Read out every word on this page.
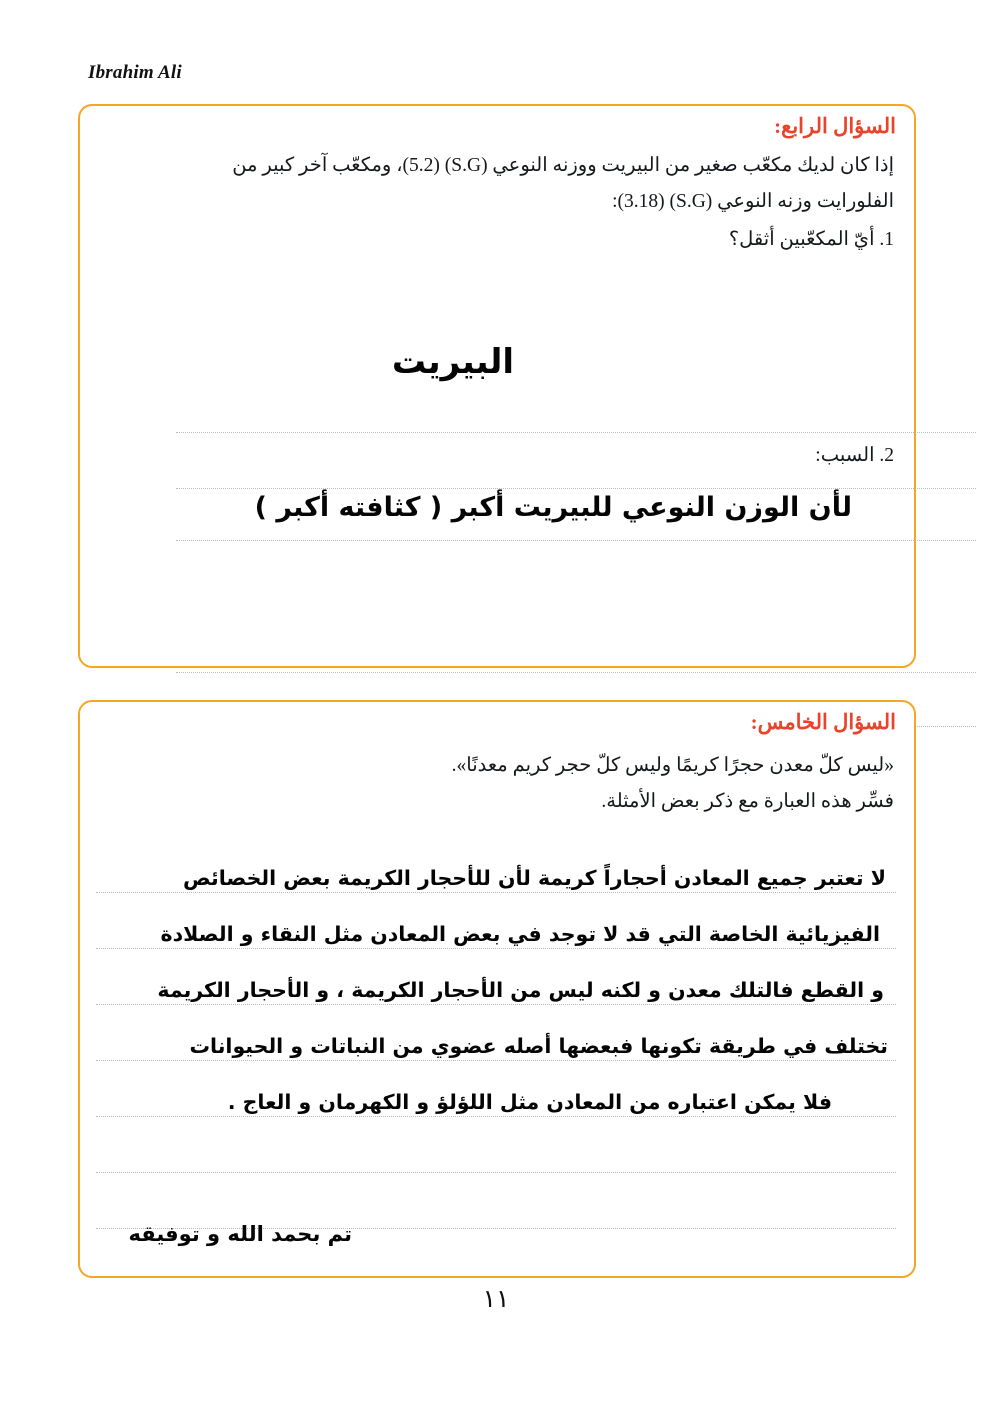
Ibrahim Ali
السؤال الرابع:
إذا كان لديك مكعّب صغير من البيريت ووزنه النوعي (S.G) (5.2)، ومكعّب آخر كبير من
الفلورايت وزنه النوعي (S.G) (3.18):
1. أيّ المكعّبين أثقل؟
2. السبب:
البيريت
لأن الوزن النوعي للبيريت أكبر ( كثافته أكبر )
السؤال الخامس:
«ليس كلّ معدن حجرًا كريمًا وليس كلّ حجر كريم معدنًا».
فسِّر هذه العبارة مع ذكر بعض الأمثلة.
لا تعتبر جميع المعادن أحجاراً كريمة لأن للأحجار الكريمة بعض الخصائص
الفيزيائية الخاصة التي قد لا توجد في بعض المعادن مثل النقاء و الصلادة
و القطع فالتلك معدن و لكنه ليس من الأحجار الكريمة ، و الأحجار الكريمة
تختلف في طريقة تكونها فبعضها أصله عضوي من النباتات و الحيوانات
فلا يمكن اعتباره من المعادن مثل اللؤلؤ و الكهرمان و العاج .
تم بحمد الله و توفيقه
١١
